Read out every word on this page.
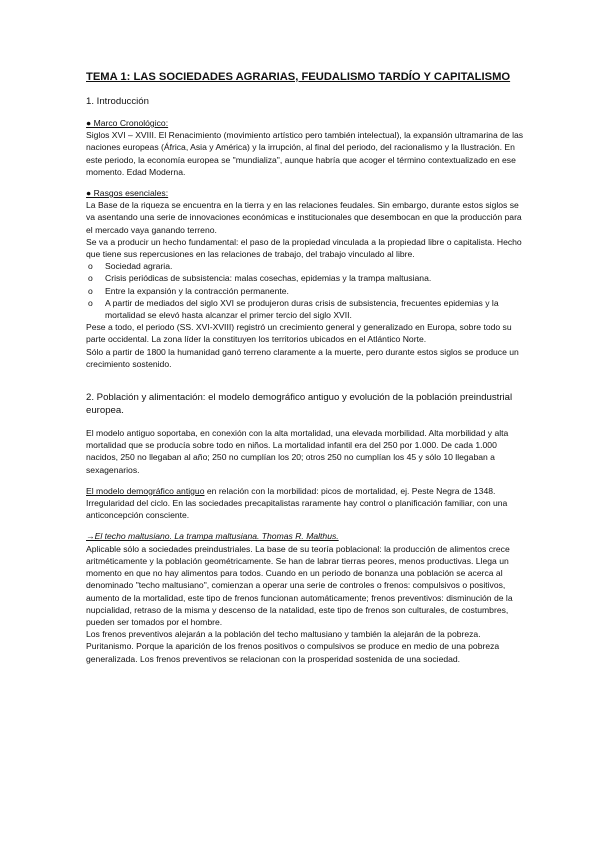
TEMA 1: LAS SOCIEDADES AGRARIAS, FEUDALISMO TARDÍO Y CAPITALISMO
1. Introducción

● Marco Cronológico:

Siglos XVI – XVIII. El Renacimiento (movimiento artístico pero también intelectual), la expansión ultramarina de las naciones europeas (África, Asia y América) y la irrupción, al final del periodo, del racionalismo y la Ilustración. En este periodo, la economía europea se "mundializa", aunque habría que acoger el término contextualizado en ese momento. Edad Moderna.

● Rasgos esenciales:

La Base de la riqueza se encuentra en la tierra y en las relaciones feudales. Sin embargo, durante estos siglos se va asentando una serie de innovaciones económicas e institucionales que desembocan en que la producción para el mercado vaya ganando terreno.

Se va a producir un hecho fundamental: el paso de la propiedad vinculada a la propiedad libre o capitalista. Hecho que tiene sus repercusiones en las relaciones de trabajo, del trabajo vinculado al libre.

o Sociedad agraria.
o Crisis periódicas de subsistencia: malas cosechas, epidemias y la trampa maltusiana.
o Entre la expansión y la contracción permanente.
o A partir de mediados del siglo XVI se produjeron duras crisis de subsistencia, frecuentes epidemias y la mortalidad se elevó hasta alcanzar el primer tercio del siglo XVII.

Pese a todo, el periodo (SS. XVI-XVIII) registró un crecimiento general y generalizado en Europa, sobre todo su parte occidental. La zona líder la constituyen los territorios ubicados en el Atlántico Norte.

Sólo a partir de 1800 la humanidad ganó terreno claramente a la muerte, pero durante estos siglos se produce un crecimiento sostenido.

2. Población y alimentación: el modelo demográfico antiguo y evolución de la población preindustrial europea.

El modelo antiguo soportaba, en conexión con la alta mortalidad, una elevada morbilidad. Alta morbilidad y alta mortalidad que se producía sobre todo en niños. La mortalidad infantil era del 250 por 1.000. De cada 1.000 nacidos, 250 no llegaban al año; 250 no cumplían los 20; otros 250 no cumplían los 45 y sólo 10 llegaban a sexagenarios.

El modelo demográfico antiguo en relación con la morbilidad: picos de mortalidad, ej. Peste Negra de 1348. Irregularidad del ciclo. En las sociedades precapitalistas raramente hay control o planificación familiar, con una anticoncepción consciente.

→El techo maltusiano. La trampa maltusiana. Thomas R. Malthus.

Aplicable sólo a sociedades preindustriales. La base de su teoría poblacional: la producción de alimentos crece aritméticamente y la población geométricamente. Se han de labrar tierras peores, menos productivas. Llega un momento en que no hay alimentos para todos. Cuando en un periodo de bonanza una población se acerca al denominado "techo maltusiano", comienzan a operar una serie de controles o frenos: compulsivos o positivos, aumento de la mortalidad, este tipo de frenos funcionan automáticamente; frenos preventivos: disminución de la nupcialidad, retraso de la misma y descenso de la natalidad, este tipo de frenos son culturales, de costumbres, pueden ser tomados por el hombre.

Los frenos preventivos alejarán a la población del techo maltusiano y también la alejarán de la pobreza. Puritanismo. Porque la aparición de los frenos positivos o compulsivos se produce en medio de una pobreza generalizada. Los frenos preventivos se relacionan con la prosperidad sostenida de una sociedad.
